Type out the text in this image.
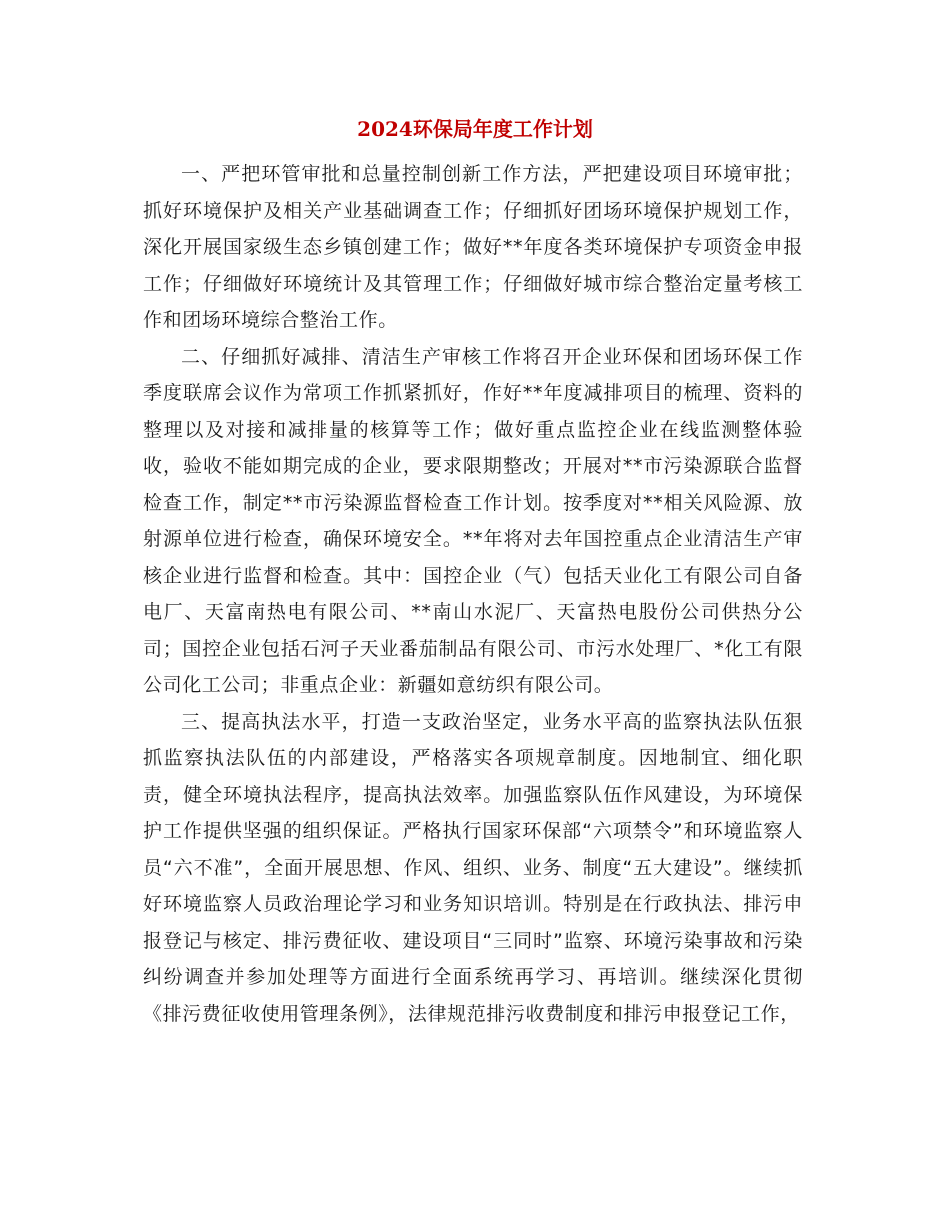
2024环保局年度工作计划

一、严把环管审批和总量控制创新工作方法，严把建设项目环境审批；抓好环境保护及相关产业基础调查工作；仔细抓好团场环境保护规划工作，深化开展国家级生态乡镇创建工作；做好**年度各类环境保护专项资金申报工作；仔细做好环境统计及其管理工作；仔细做好城市综合整治定量考核工作和团场环境综合整治工作。

二、仔细抓好减排、清洁生产审核工作将召开企业环保和团场环保工作季度联席会议作为常项工作抓紧抓好，作好**年度减排项目的梳理、资料的整理以及对接和减排量的核算等工作；做好重点监控企业在线监测整体验收，验收不能如期完成的企业，要求限期整改；开展对**市污染源联合监督检查工作，制定**市污染源监督检查工作计划。按季度对**相关风险源、放射源单位进行检查，确保环境安全。**年将对去年国控重点企业清洁生产审核企业进行监督和检查。其中：国控企业（气）包括天业化工有限公司自备电厂、天富南热电有限公司、**南山水泥厂、天富热电股份公司供热分公司；国控企业包括石河子天业番茄制品有限公司、市污水处理厂、*化工有限公司化工公司；非重点企业：新疆如意纺织有限公司。

三、提高执法水平，打造一支政治坚定，业务水平高的监察执法队伍狠抓监察执法队伍的内部建设，严格落实各项规章制度。因地制宜、细化职责，健全环境执法程序，提高执法效率。加强监察队伍作风建设，为环境保护工作提供坚强的组织保证。严格执行国家环保部“六项禁令”和环境监察人员“六不准”，全面开展思想、作风、组织、业务、制度“五大建设”。继续抓好环境监察人员政治理论学习和业务知识培训。特别是在行政执法、排污申报登记与核定、排污费征收、建设项目“三同时”监察、环境污染事故和污染纠纷调查并参加处理等方面进行全面系统再学习、再培训。继续深化贯彻《排污费征收使用管理条例》，法律规范排污收费制度和排污申报登记工作，
